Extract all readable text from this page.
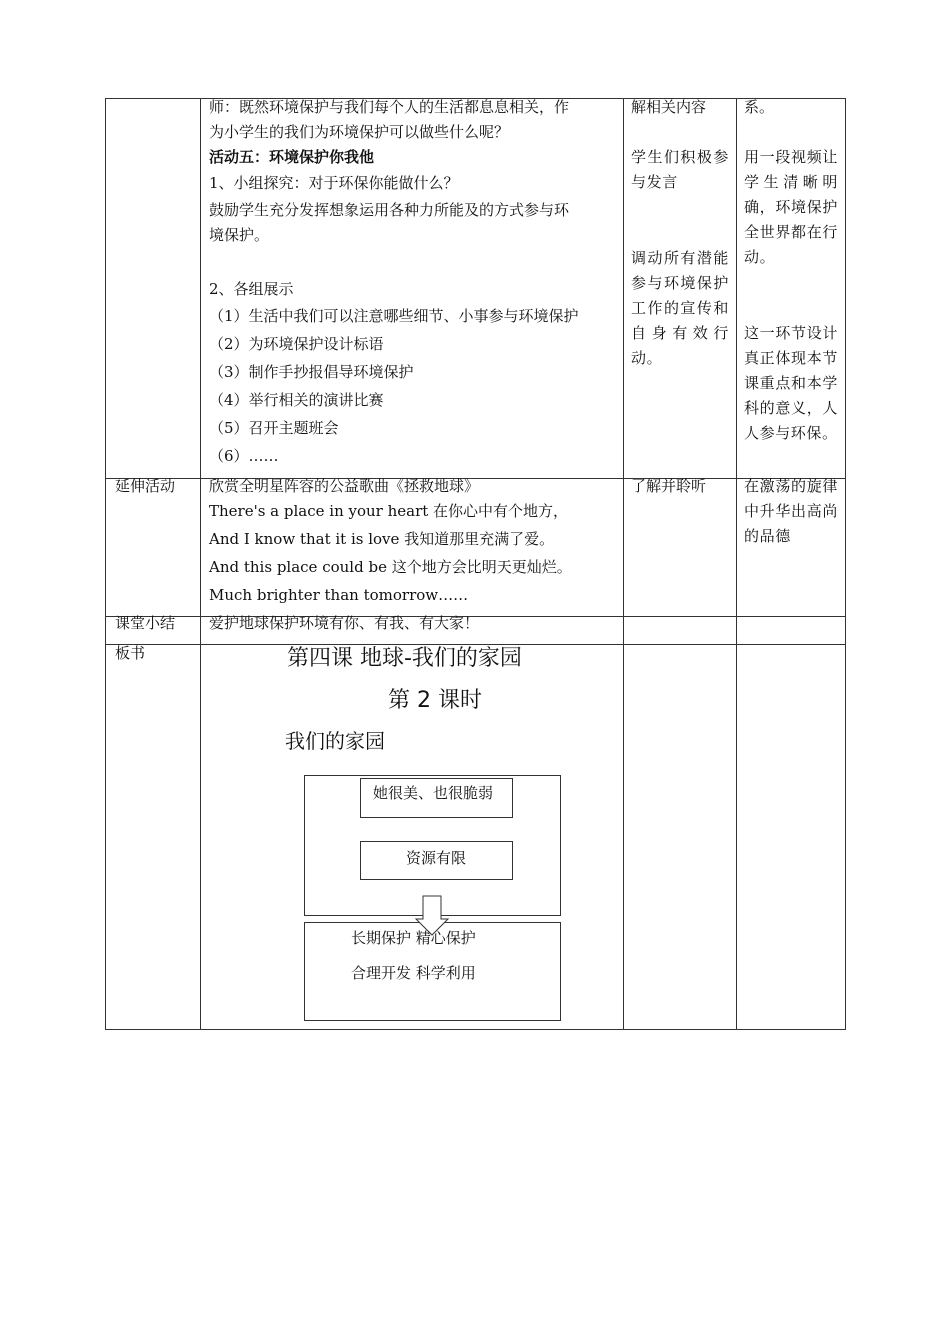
师：既然环境保护与我们每个人的生活都息息相关，作
为小学生的我们为环境保护可以做些什么呢？
活动五：环境保护你我他
1、小组探究：对于环保你能做什么？
鼓励学生充分发挥想象运用各种力所能及的方式参与环
境保护。
2、各组展示
（1）生活中我们可以注意哪些细节、小事参与环境保护
（2）为环境保护设计标语
（3）制作手抄报倡导环境保护
（4）举行相关的演讲比赛
（5）召开主题班会
（6）……
解相关内容
学生们积极参与发言
调动所有潜能参与环境保护工作的宣传和自身有效行动。
系。
用一段视频让学生清晰明确，环境保护全世界都在行动。
这一环节设计真正体现本节课重点和本学科的意义，人人参与环保。
延伸活动 欣赏全明星阵容的公益歌曲《拯救地球》
There's a place in your heart 在你心中有个地方，
And I know that it is love 我知道那里充满了爱。
And this place could be 这个地方会比明天更灿烂。
Much brighter than tomorrow……
了解并聆听	在激荡的旋律中升华出高尚的品德
课堂小结 爱护地球保护环境有你、有我、有大家！
板书	第四课 地球-我们的家园
第 2 课时
我们的家园
她很美、也很脆弱
资源有限
长期保护 精心保护
合理开发 科学利用
